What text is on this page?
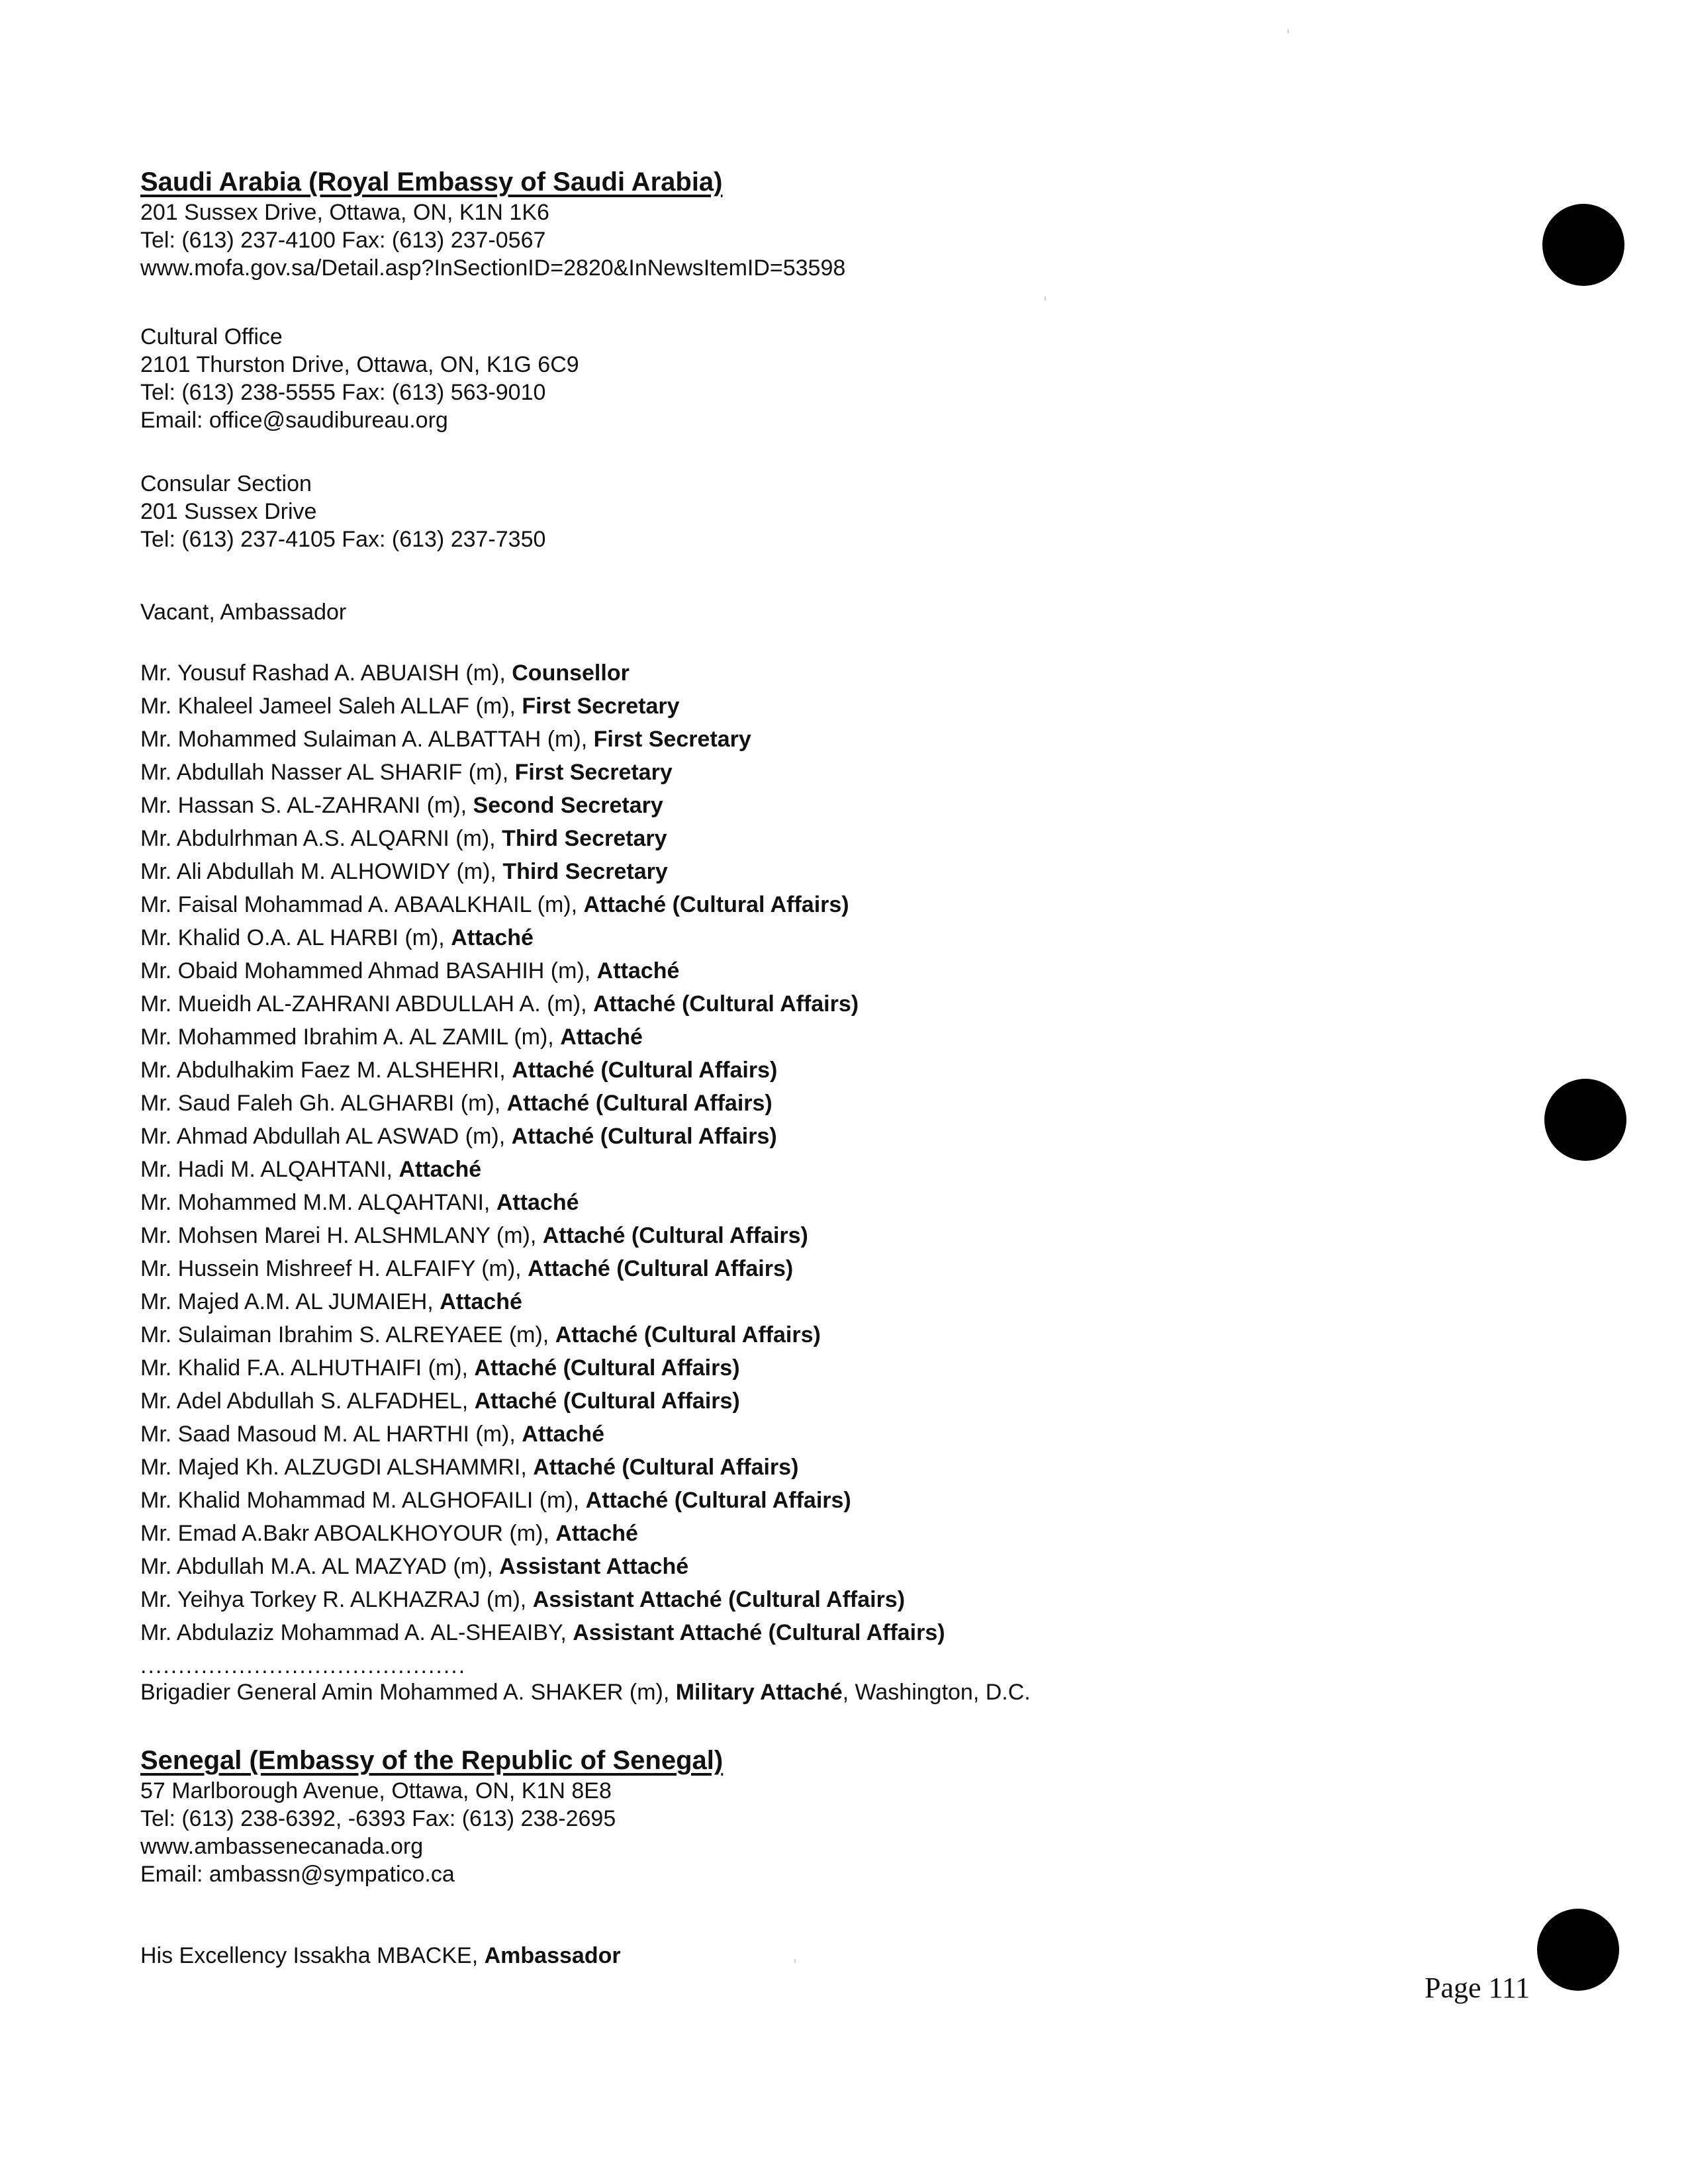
Saudi Arabia (Royal Embassy of Saudi Arabia)
201 Sussex Drive, Ottawa, ON, K1N 1K6
Tel: (613) 237-4100 Fax: (613) 237-0567
www.mofa.gov.sa/Detail.asp?InSectionID=2820&InNewsItemID=53598
Cultural Office
2101 Thurston Drive, Ottawa, ON, K1G 6C9
Tel: (613) 238-5555 Fax: (613) 563-9010
Email: office@saudibureau.org
Consular Section
201 Sussex Drive
Tel: (613) 237-4105 Fax: (613) 237-7350
Vacant, Ambassador
Mr. Yousuf Rashad A. ABUAISH (m), Counsellor
Mr. Khaleel Jameel Saleh ALLAF (m), First Secretary
Mr. Mohammed Sulaiman A. ALBATTAH (m), First Secretary
Mr. Abdullah Nasser AL SHARIF (m), First Secretary
Mr. Hassan S. AL-ZAHRANI (m), Second Secretary
Mr. Abdulrhman A.S. ALQARNI (m), Third Secretary
Mr. Ali Abdullah M. ALHOWIDY (m), Third Secretary
Mr. Faisal Mohammad A. ABAALKHAIL (m), Attaché (Cultural Affairs)
Mr. Khalid O.A. AL HARBI (m), Attaché
Mr. Obaid Mohammed Ahmad BASAHIH (m), Attaché
Mr. Mueidh AL-ZAHRANI ABDULLAH A. (m), Attaché (Cultural Affairs)
Mr. Mohammed Ibrahim A. AL ZAMIL (m), Attaché
Mr. Abdulhakim Faez M. ALSHEHRI, Attaché (Cultural Affairs)
Mr. Saud Faleh Gh. ALGHARBI (m), Attaché (Cultural Affairs)
Mr. Ahmad Abdullah AL ASWAD (m), Attaché (Cultural Affairs)
Mr. Hadi M. ALQAHTANI, Attaché
Mr. Mohammed M.M. ALQAHTANI, Attaché
Mr. Mohsen Marei H. ALSHMLANY (m), Attaché (Cultural Affairs)
Mr. Hussein Mishreef H. ALFAIFY (m), Attaché (Cultural Affairs)
Mr. Majed A.M. AL JUMAIEH, Attaché
Mr. Sulaiman Ibrahim S. ALREYAEE (m), Attaché (Cultural Affairs)
Mr. Khalid F.A. ALHUTHAIFI (m), Attaché (Cultural Affairs)
Mr. Adel Abdullah S. ALFADHEL, Attaché (Cultural Affairs)
Mr. Saad Masoud M. AL HARTHI (m), Attaché
Mr. Majed Kh. ALZUGDI ALSHAMMRI, Attaché (Cultural Affairs)
Mr. Khalid Mohammad M. ALGHOFAILI (m), Attaché (Cultural Affairs)
Mr. Emad A.Bakr ABOALKHOYOUR (m), Attaché
Mr. Abdullah M.A. AL MAZYAD (m), Assistant Attaché
Mr. Yeihya Torkey R. ALKHAZRAJ (m), Assistant Attaché (Cultural Affairs)
Mr. Abdulaziz Mohammad A. AL-SHEAIBY, Assistant Attaché (Cultural Affairs)
...........................................
Brigadier General Amin Mohammed A. SHAKER (m), Military Attaché, Washington, D.C.
Senegal (Embassy of the Republic of Senegal)
57 Marlborough Avenue, Ottawa, ON, K1N 8E8
Tel: (613) 238-6392, -6393 Fax: (613) 238-2695
www.ambassenecanada.org
Email: ambassn@sympatico.ca
His Excellency Issakha MBACKE, Ambassador
Page 111
